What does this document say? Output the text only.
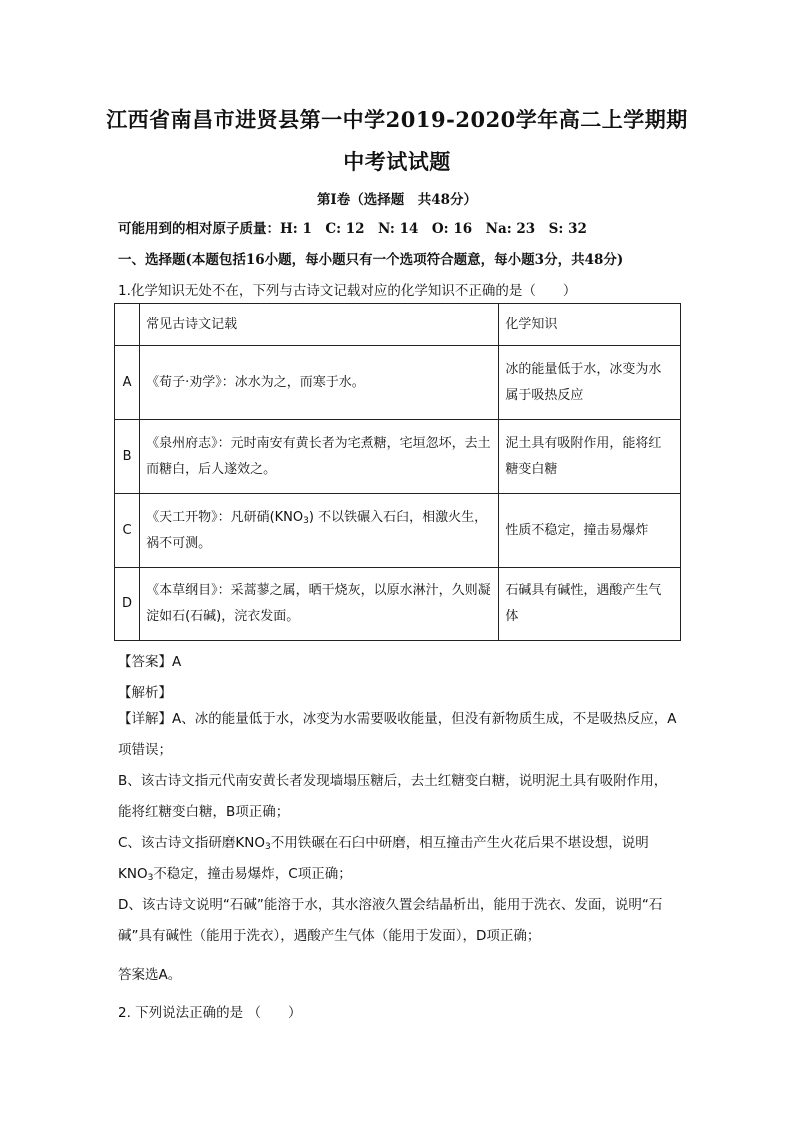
江西省南昌市进贤县第一中学2019-2020学年高二上学期期
中考试试题
第Ⅰ卷（选择题　共48分）
可能用到的相对原子质量：H: 1　C: 12　N: 14　O: 16　Na: 23　S: 32
一、选择题(本题包括16小题，每小题只有一个选项符合题意，每小题3分，共48分)
1.化学知识无处不在，下列与古诗文记载对应的化学知识不正确的是（　　）
	常见古诗文记载	化学知识
A	《荀子·劝学》：冰水为之，而寒于水。	冰的能量低于水，冰变为水属于吸热反应
B	《泉州府志》：元时南安有黄长者为宅煮糖，宅垣忽坏，去土而糖白，后人遂效之。	泥土具有吸附作用，能将红糖变白糖
C	《天工开物》：凡研硝$(KNO_3)$ 不以铁碾入石臼，相激火生，祸不可测。	性质不稳定，撞击易爆炸
D	《本草纲目》：采蒿蓼之属，晒干烧灰，以原水淋汁，久则凝淀如石(石碱)，浣衣发面。	石碱具有碱性，遇酸产生气体
【答案】A
【解析】
【详解】A、冰的能量低于水，冰变为水需要吸收能量，但没有新物质生成，不是吸热反应，A项错误；
B、该古诗文指元代南安黄长者发现墙塌压糖后，去土红糖变白糖，说明泥土具有吸附作用，能将红糖变白糖，B项正确；
C、该古诗文指研磨$KNO_3$不用铁碾在石臼中研磨，相互撞击产生火花后果不堪设想，说明$KNO_3$不稳定，撞击易爆炸，C项正确；
D、该古诗文说明“石碱”能溶于水，其水溶液久置会结晶析出，能用于洗衣、发面，说明“石碱”具有碱性（能用于洗衣），遇酸产生气体（能用于发面），D项正确；
答案选A。
2. 下列说法正确的是 （　　）
